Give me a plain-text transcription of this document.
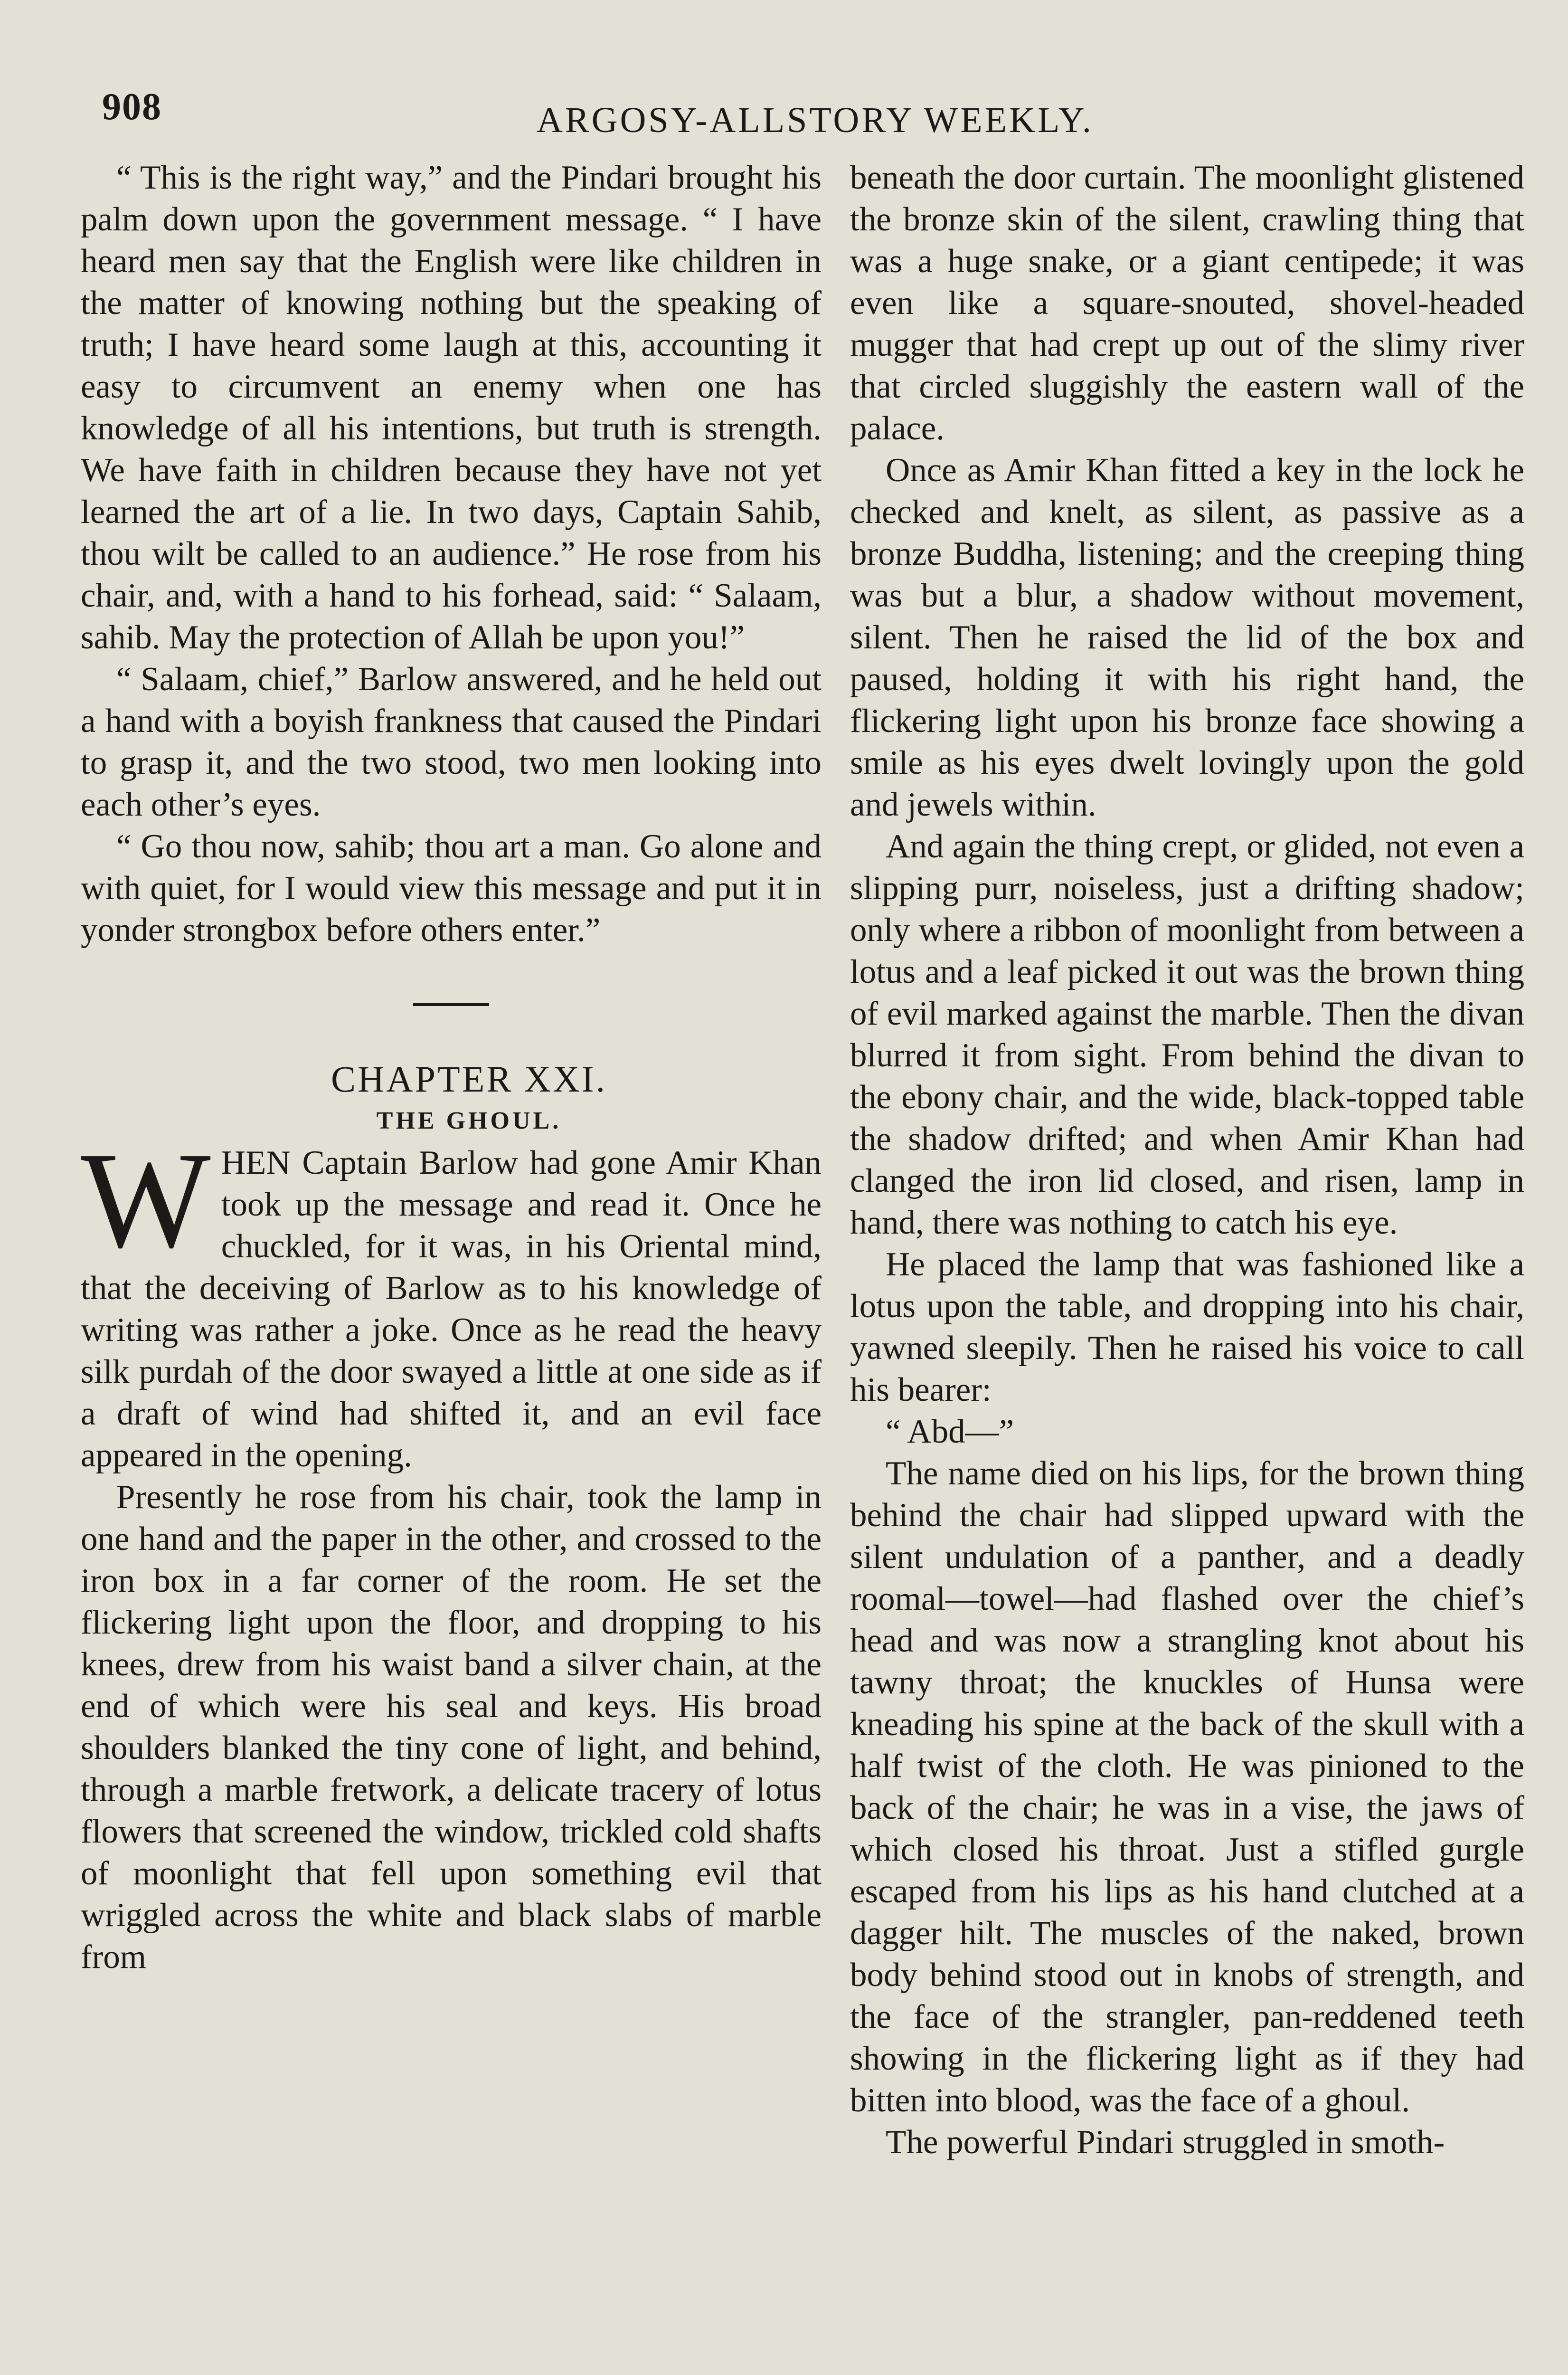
908	ARGOSY-ALLSTORY WEEKLY.

“ This is the right way,” and the Pindari brought his palm down upon the government message. “ I have heard men say that the English were like children in the matter of knowing nothing but the speaking of truth; I have heard some laugh at this, accounting it easy to circumvent an enemy when one has knowledge of all his intentions, but truth is strength. We have faith in children because they have not yet learned the art of a lie. In two days, Captain Sahib, thou wilt be called to an audience.” He rose from his chair, and, with a hand to his forhead, said: “ Salaam, sahib. May the protection of Allah be upon you!”

“ Salaam, chief,” Barlow answered, and he held out a hand with a boyish frankness that caused the Pindari to grasp it, and the two stood, two men looking into each other’s eyes.

“ Go thou now, sahib; thou art a man. Go alone and with quiet, for I would view this message and put it in yonder strongbox before others enter.”

CHAPTER XXI.

THE GHOUL.

WHEN Captain Barlow had gone Amir Khan took up the message and read it. Once he chuckled, for it was, in his Oriental mind, that the deceiving of Barlow as to his knowledge of writing was rather a joke. Once as he read the heavy silk purdah of the door swayed a little at one side as if a draft of wind had shifted it, and an evil face appeared in the opening.

Presently he rose from his chair, took the lamp in one hand and the paper in the other, and crossed to the iron box in a far corner of the room. He set the flickering light upon the floor, and dropping to his knees, drew from his waist band a silver chain, at the end of which were his seal and keys. His broad shoulders blanked the tiny cone of light, and behind, through a marble fretwork, a delicate tracery of lotus flowers that screened the window, trickled cold shafts of moonlight that fell upon something evil that wriggled across the white and black slabs of marble from

beneath the door curtain. The moonlight glistened the bronze skin of the silent, crawling thing that was a huge snake, or a giant centipede; it was even like a square-snouted, shovel-headed mugger that had crept up out of the slimy river that circled sluggishly the eastern wall of the palace.

Once as Amir Khan fitted a key in the lock he checked and knelt, as silent, as passive as a bronze Buddha, listening; and the creeping thing was but a blur, a shadow without movement, silent. Then he raised the lid of the box and paused, holding it with his right hand, the flickering light upon his bronze face showing a smile as his eyes dwelt lovingly upon the gold and jewels within.

And again the thing crept, or glided, not even a slipping purr, noiseless, just a drifting shadow; only where a ribbon of moonlight from between a lotus and a leaf picked it out was the brown thing of evil marked against the marble. Then the divan blurred it from sight. From behind the divan to the ebony chair, and the wide, black-topped table the shadow drifted; and when Amir Khan had clanged the iron lid closed, and risen, lamp in hand, there was nothing to catch his eye.

He placed the lamp that was fashioned like a lotus upon the table, and dropping into his chair, yawned sleepily. Then he raised his voice to call his bearer:

“ Abd—”

The name died on his lips, for the brown thing behind the chair had slipped upward with the silent undulation of a panther, and a deadly roomal—towel—had flashed over the chief’s head and was now a strangling knot about his tawny throat; the knuckles of Hunsa were kneading his spine at the back of the skull with a half twist of the cloth. He was pinioned to the back of the chair; he was in a vise, the jaws of which closed his throat. Just a stifled gurgle escaped from his lips as his hand clutched at a dagger hilt. The muscles of the naked, brown body behind stood out in knobs of strength, and the face of the strangler, pan-reddened teeth showing in the flickering light as if they had bitten into blood, was the face of a ghoul.

The powerful Pindari struggled in smoth-
